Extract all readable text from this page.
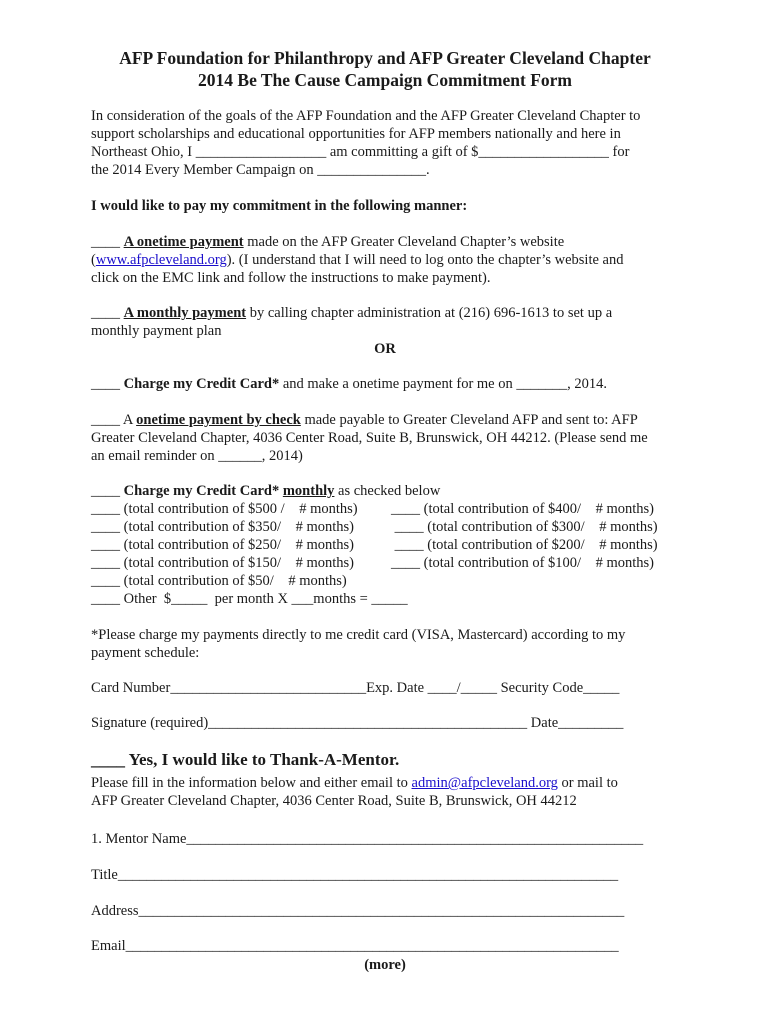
AFP Foundation for Philanthropy and AFP Greater Cleveland Chapter
2014 Be The Cause Campaign Commitment Form
In consideration of the goals of the AFP Foundation and the AFP Greater Cleveland Chapter to
support scholarships and educational opportunities for AFP members nationally and here in
Northeast Ohio, I __________________ am committing a gift of $__________________ for
the 2014 Every Member Campaign on _______________.
I would like to pay my commitment in the following manner:
____ A onetime payment made on the AFP Greater Cleveland Chapter’s website
(www.afpcleveland.org). (I understand that I will need to log onto the chapter’s website and
click on the EMC link and follow the instructions to make payment).
____ A monthly payment by calling chapter administration at (216) 696-1613 to set up a
monthly payment plan
OR
____ Charge my Credit Card* and make a onetime payment for me on _______, 2014.
____ A onetime payment by check made payable to Greater Cleveland AFP and sent to: AFP
Greater Cleveland Chapter, 4036 Center Road, Suite B, Brunswick, OH 44212. (Please send me
an email reminder on ______, 2014)
____ Charge my Credit Card* monthly as checked below
____ (total contribution of $500 /    # months)
____ (total contribution of $350/    # months)
____ (total contribution of $250/    # months)
____ (total contribution of $150/    # months)
____ (total contribution of $50/    # months)
____ Other  $_____  per month X ___months = _____
____ (total contribution of $400/    # months)
____ (total contribution of $300/    # months)
____ (total contribution of $200/    # months)
____ (total contribution of $100/    # months)
*Please charge my payments directly to me credit card (VISA, Mastercard) according to my
payment schedule:
Card Number___________________________Exp. Date ____/_____ Security Code_____
Signature (required)____________________________________________ Date_________
____ Yes, I would like to Thank-A-Mentor.
Please fill in the information below and either email to admin@afpcleveland.org or mail to
AFP Greater Cleveland Chapter, 4036 Center Road, Suite B, Brunswick, OH 44212
1. Mentor Name_______________________________________________________________
Title_____________________________________________________________________
Address___________________________________________________________________
Email____________________________________________________________________
(more)
